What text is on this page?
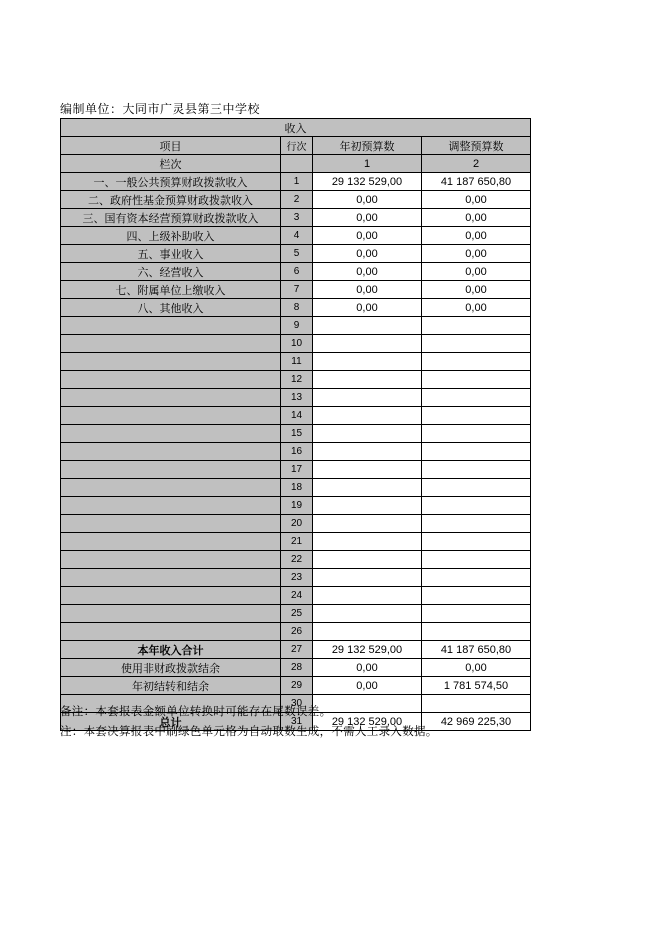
编制单位：大同市广灵县第三中学校
收入			
项目	行次	年初预算数	调整预算数
栏次		1	2
一、一般公共预算财政拨款收入	1	29 132 529,00	41 187 650,80
二、政府性基金预算财政拨款收入	2	0,00	0,00
三、国有资本经营预算财政拨款收入	3	0,00	0,00
四、上级补助收入	4	0,00	0,00
五、事业收入	5	0,00	0,00
六、经营收入	6	0,00	0,00
七、附属单位上缴收入	7	0,00	0,00
八、其他收入	8	0,00	0,00
	9		
	10		
	11		
	12		
	13		
	14		
	15		
	16		
	17		
	18		
	19		
	20		
	21		
	22		
	23		
	24		
	25		
	26		
本年收入合计	27	29 132 529,00	41 187 650,80
使用非财政拨款结余	28	0,00	0,00
年初结转和结余	29	0,00	1 781 574,50
	30		
总计	31	29 132 529,00	42 969 225,30
备注：本套报表金额单位转换时可能存在尾数误差。
注：本套决算报表中刷绿色单元格为自动取数生成，不需人工录入数据。
